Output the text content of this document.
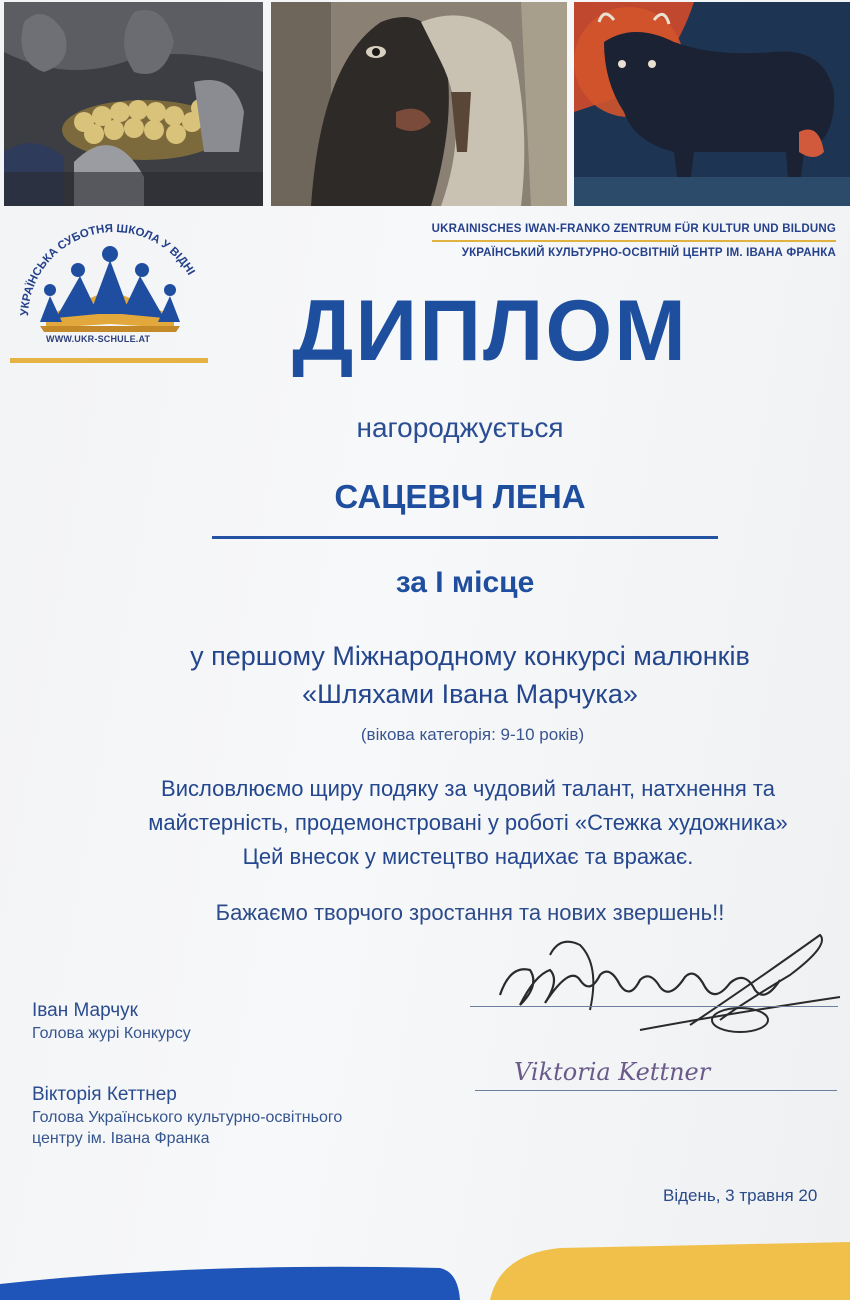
УКРАЇНСЬКА СУБОТНЯ ШКОЛА У ВІДНІ
WWW.UKR-SCHULE.AT
UKRAINISCHES IWAN-FRANKO ZENTRUM FÜR KULTUR UND BILDUNG
УКРАЇНСЬКИЙ КУЛЬТУРНО-ОСВІТНІЙ ЦЕНТР ІМ. ІВАНА ФРАНКА
ДИПЛОМ
нагороджується
САЦЕВІЧ ЛЕНА
за І місце
у першому Міжнародному конкурсі малюнків
«Шляхами Івана Марчука»
(вікова категорія: 9-10 років)
Висловлюємо щиру подяку за чудовий талант, натхнення та
майстерність, продемонстровані у роботі «Стежка художника»
Цей внесок у мистецтво надихає та вражає.
Бажаємо творчого зростання та нових звершень!!
Viktoria Kettner
Іван Марчук
Голова журі Конкурсу
Вікторія Кеттнер
Голова Українського культурно-освітнього
центру ім. Івана Франка
Відень, 3 травня 20
